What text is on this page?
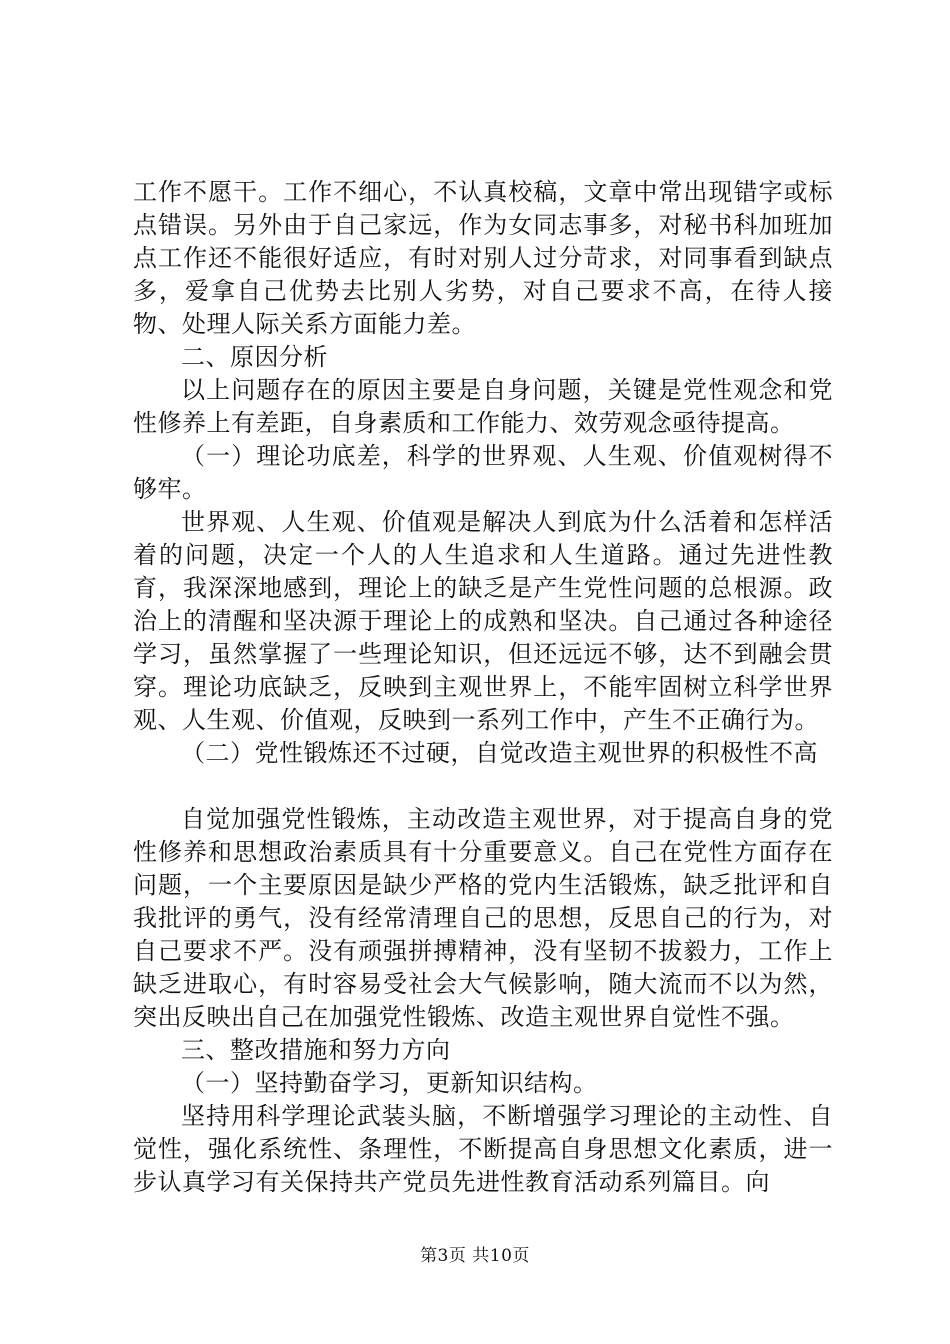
工作不愿干。工作不细心，不认真校稿，文章中常出现错字或标点错误。另外由于自己家远，作为女同志事多，对秘书科加班加点工作还不能很好适应，有时对别人过分苛求，对同事看到缺点多，爱拿自己优势去比别人劣势，对自己要求不高，在待人接物、处理人际关系方面能力差。

二、原因分析

以上问题存在的原因主要是自身问题，关键是党性观念和党性修养上有差距，自身素质和工作能力、效劳观念亟待提高。

（一）理论功底差，科学的世界观、人生观、价值观树得不够牢。

世界观、人生观、价值观是解决人到底为什么活着和怎样活着的问题，决定一个人的人生追求和人生道路。通过先进性教育，我深深地感到，理论上的缺乏是产生党性问题的总根源。政治上的清醒和坚决源于理论上的成熟和坚决。自己通过各种途径学习，虽然掌握了一些理论知识，但还远远不够，达不到融会贯穿。理论功底缺乏，反映到主观世界上，不能牢固树立科学世界观、人生观、价值观，反映到一系列工作中，产生不正确行为。

（二）党性锻炼还不过硬，自觉改造主观世界的积极性不高

自觉加强党性锻炼，主动改造主观世界，对于提高自身的党性修养和思想政治素质具有十分重要意义。自己在党性方面存在问题，一个主要原因是缺少严格的党内生活锻炼，缺乏批评和自我批评的勇气，没有经常清理自己的思想，反思自己的行为，对自己要求不严。没有顽强拼搏精神，没有坚韧不拔毅力，工作上缺乏进取心，有时容易受社会大气候影响，随大流而不以为然，突出反映出自己在加强党性锻炼、改造主观世界自觉性不强。

三、整改措施和努力方向

（一）坚持勤奋学习，更新知识结构。

坚持用科学理论武装头脑，不断增强学习理论的主动性、自觉性，强化系统性、条理性，不断提高自身思想文化素质，进一步认真学习有关保持共产党员先进性教育活动系列篇目。向

第3页 共10页
